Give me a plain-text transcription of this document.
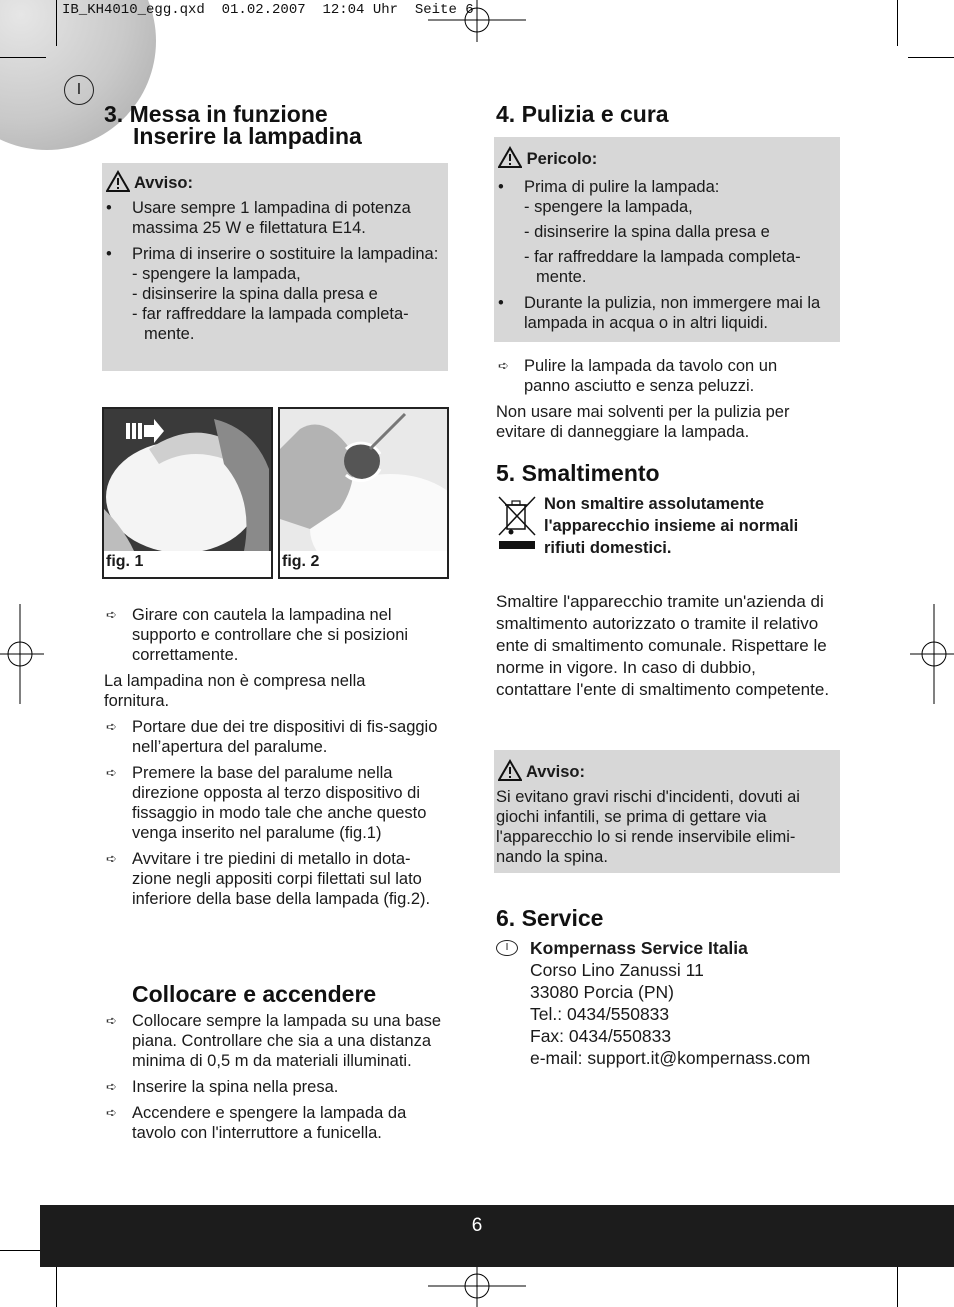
IB_KH4010_egg.qxd  01.02.2007  12:04 Uhr  Seite 6
I
3. Messa in funzione
Inserire la lampadina
Avviso:
• Usare sempre 1 lampadina di potenza massima 25 W e filettatura E14.
• Prima di inserire o sostituire la lampadina:
- spengere la lampada,
- disinserire la spina dalla presa e
- far raffreddare la lampada completa-mente.
fig. 1	fig. 2
➪ Girare con cautela la lampadina nel supporto e controllare che si posizioni correttamente.
La lampadina non è compresa nella fornitura.
➪ Portare due dei tre dispositivi di fis-saggio nell’apertura del paralume.
➪ Premere la base del paralume nella direzione opposta al terzo dispositivo di fissaggio in modo tale che anche questo venga inserito nel paralume (fig.1)
➪ Avvitare i tre piedini di metallo in dota-zione negli appositi corpi filettati sul lato inferiore della base della lampada (fig.2).
Collocare e accendere
➪ Collocare sempre la lampada su una base piana. Controllare che sia a una distanza minima di 0,5 m da materiali illuminati.
➪ Inserire la spina nella presa.
➪ Accendere e spengere la lampada da tavolo con l'interruttore a funicella.
4. Pulizia e cura
Pericolo:
• Prima di pulire la lampada:
- spengere la lampada,
- disinserire la spina dalla presa e
- far raffreddare la lampada completa-mente.
• Durante la pulizia, non immergere mai la lampada in acqua o in altri liquidi.
➪ Pulire la lampada da tavolo con un panno asciutto e senza peluzzi.
Non usare mai solventi per la pulizia per evitare di danneggiare la lampada.
5. Smaltimento
Non smaltire assolutamente l'apparecchio insieme ai normali rifiuti domestici.
Smaltire l'apparecchio tramite un'azienda di smaltimento autorizzato o tramite il relativo ente di smaltimento comunale. Rispettare le norme in vigore. In caso di dubbio, contattare l'ente di smaltimento competente.
Avviso:
Si evitano gravi rischi d'incidenti, dovuti ai giochi infantili, se prima di gettare via l'apparecchio lo si rende inservibile elimi-nando la spina.
6. Service
I	Kompernass Service Italia
Corso Lino Zanussi 11
33080 Porcia (PN)
Tel.: 0434/550833
Fax: 0434/550833
e-mail: support.it@kompernass.com
6
